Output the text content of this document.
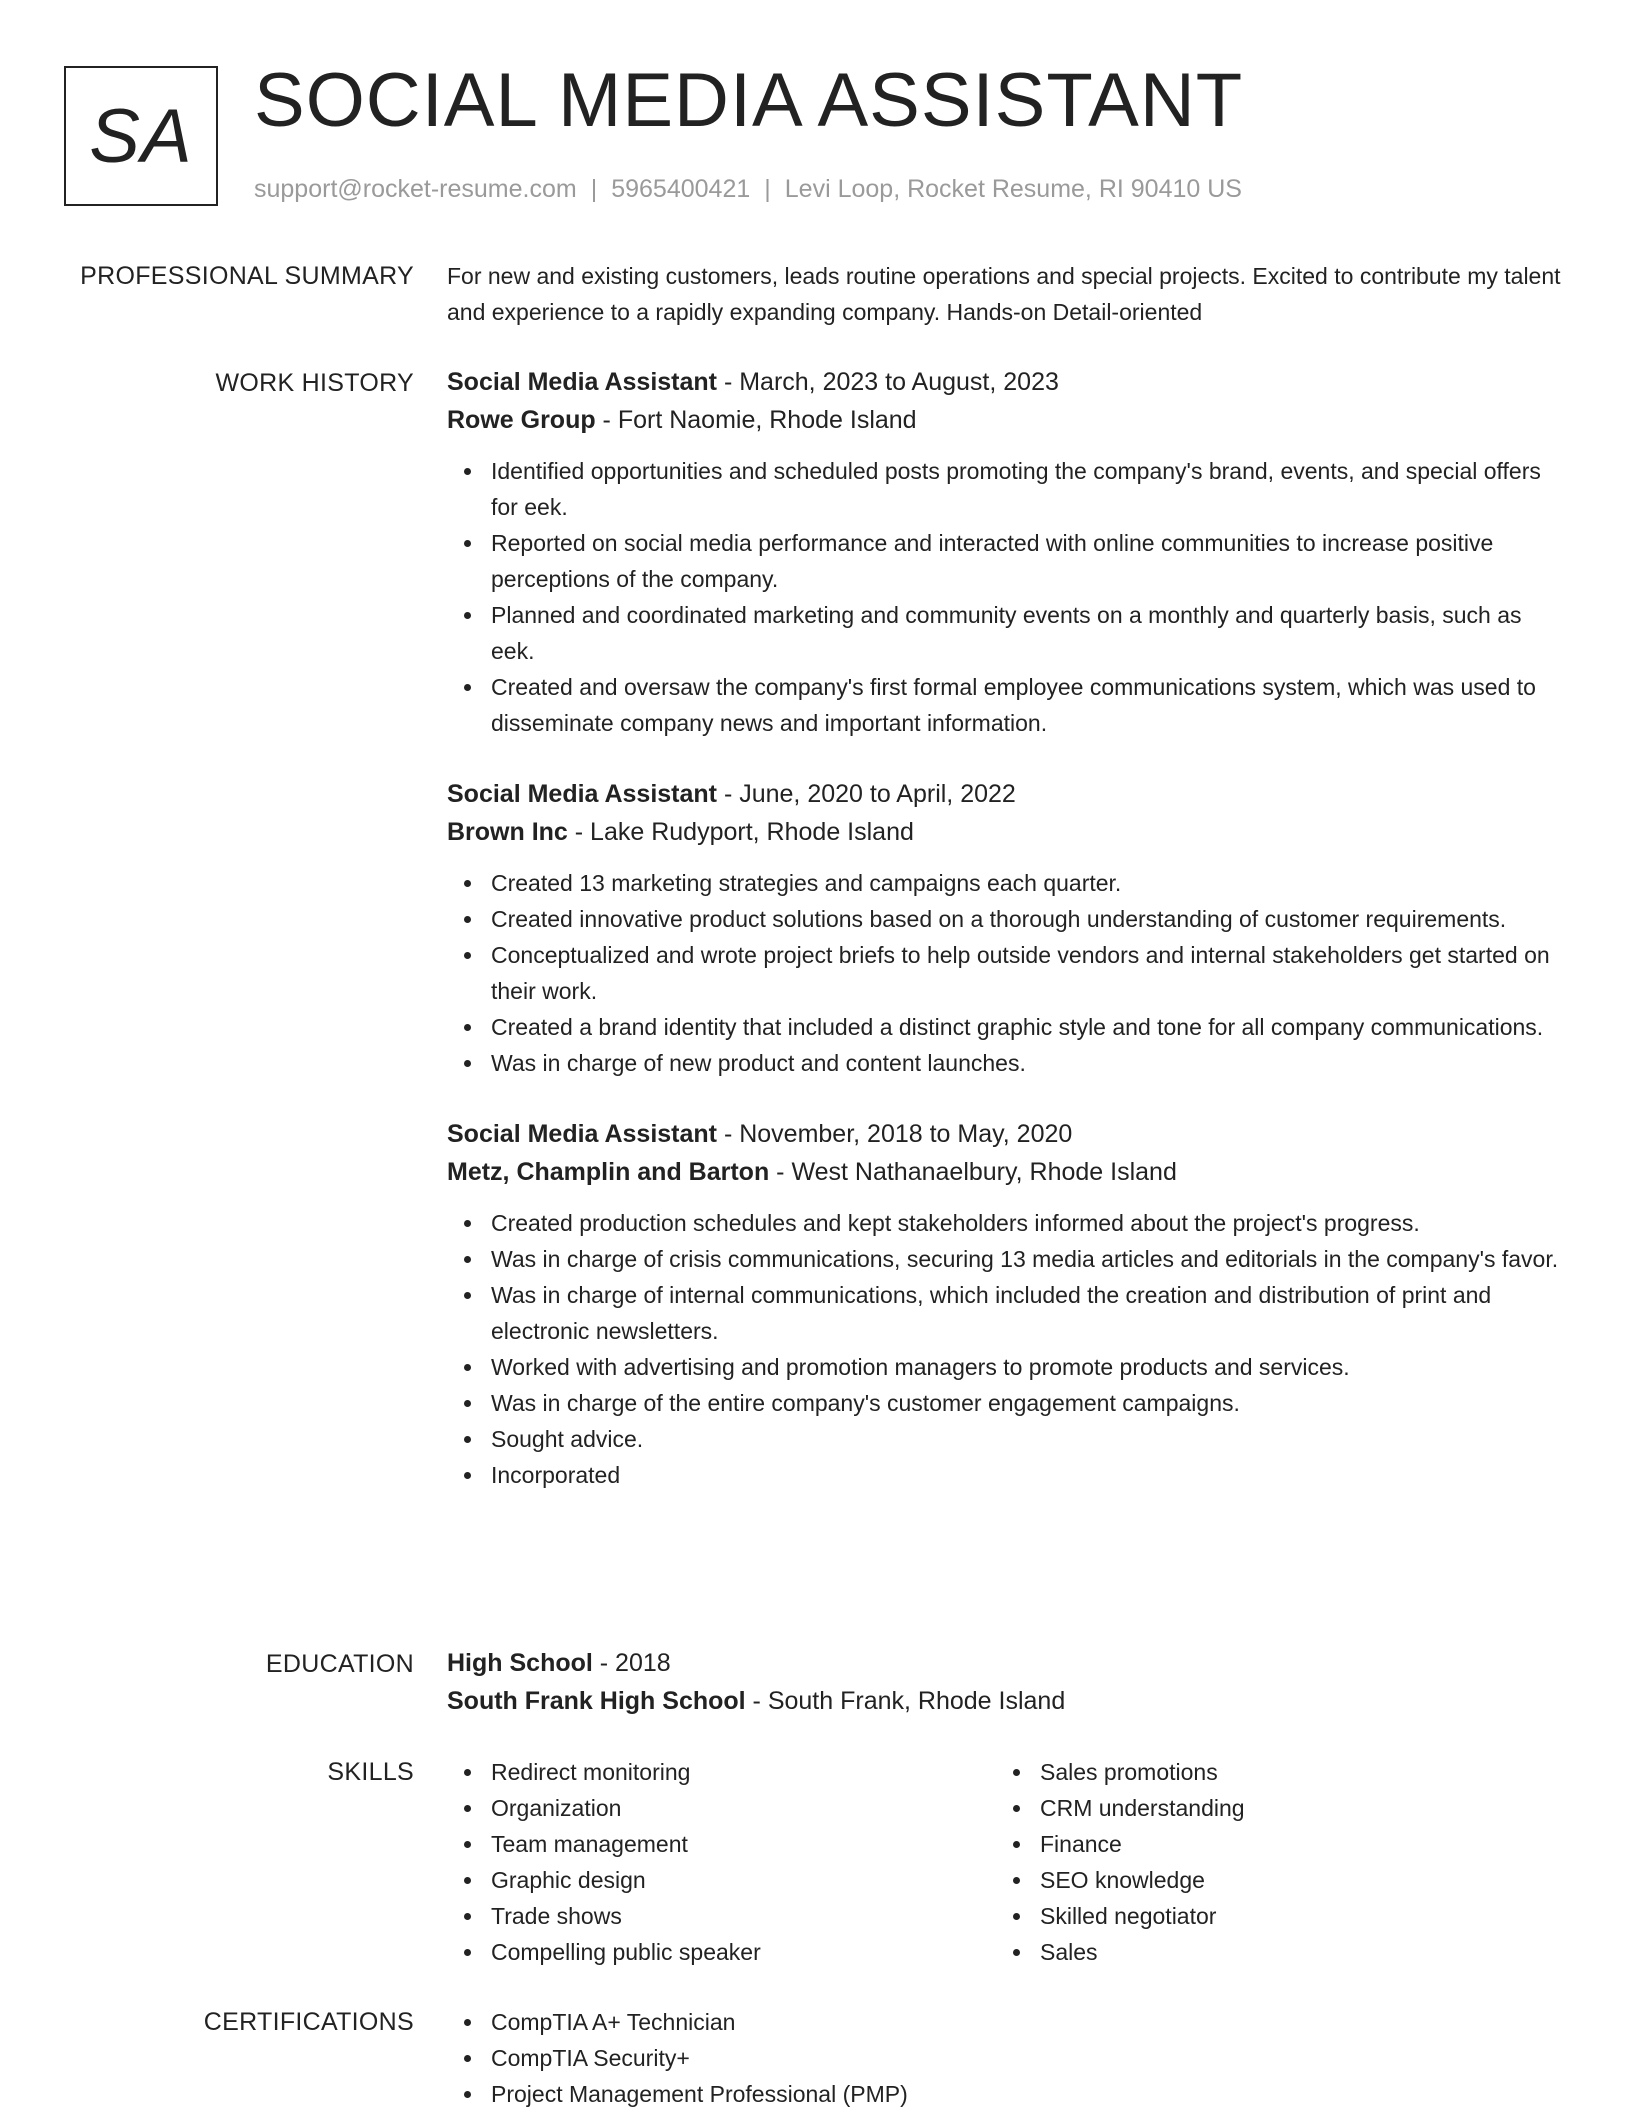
SA SOCIAL MEDIA ASSISTANT
support@rocket-resume.com | 5965400421 | Levi Loop, Rocket Resume, RI 90410 US
PROFESSIONAL SUMMARY For new and existing customers, leads routine operations and special projects. Excited to contribute my talent and experience to a rapidly expanding company. Hands-on Detail-oriented

WORK HISTORY Social Media Assistant - March, 2023 to August, 2023
Rowe Group - Fort Naomie, Rhode Island
Identified opportunities and scheduled posts promoting the company's brand, events, and special offers for eek.
Reported on social media performance and interacted with online communities to increase positive perceptions of the company.
Planned and coordinated marketing and community events on a monthly and quarterly basis, such as eek.
Created and oversaw the company's first formal employee communications system, which was used to disseminate company news and important information.
Social Media Assistant - June, 2020 to April, 2022
Brown Inc - Lake Rudyport, Rhode Island
Created 13 marketing strategies and campaigns each quarter.
Created innovative product solutions based on a thorough understanding of customer requirements.
Conceptualized and wrote project briefs to help outside vendors and internal stakeholders get started on their work.
Created a brand identity that included a distinct graphic style and tone for all company communications.
Was in charge of new product and content launches.
Social Media Assistant - November, 2018 to May, 2020
Metz, Champlin and Barton - West Nathanaelbury, Rhode Island
Created production schedules and kept stakeholders informed about the project's progress.
Was in charge of crisis communications, securing 13 media articles and editorials in the company's favor.
Was in charge of internal communications, which included the creation and distribution of print and electronic newsletters.
Worked with advertising and promotion managers to promote products and services.
Was in charge of the entire company's customer engagement campaigns.
Sought advice.
Incorporated
EDUCATION High School - 2018
South Frank High School - South Frank, Rhode Island
SKILLS	Redirect monitoring
Organization
Team management
Graphic design
Trade shows
Compelling public speaker
Sales promotions
CRM understanding
Finance
SEO knowledge
Skilled negotiator
Sales
CERTIFICATIONS	CompTIA A+ Technician
CompTIA Security+
Project Management Professional (PMP)
